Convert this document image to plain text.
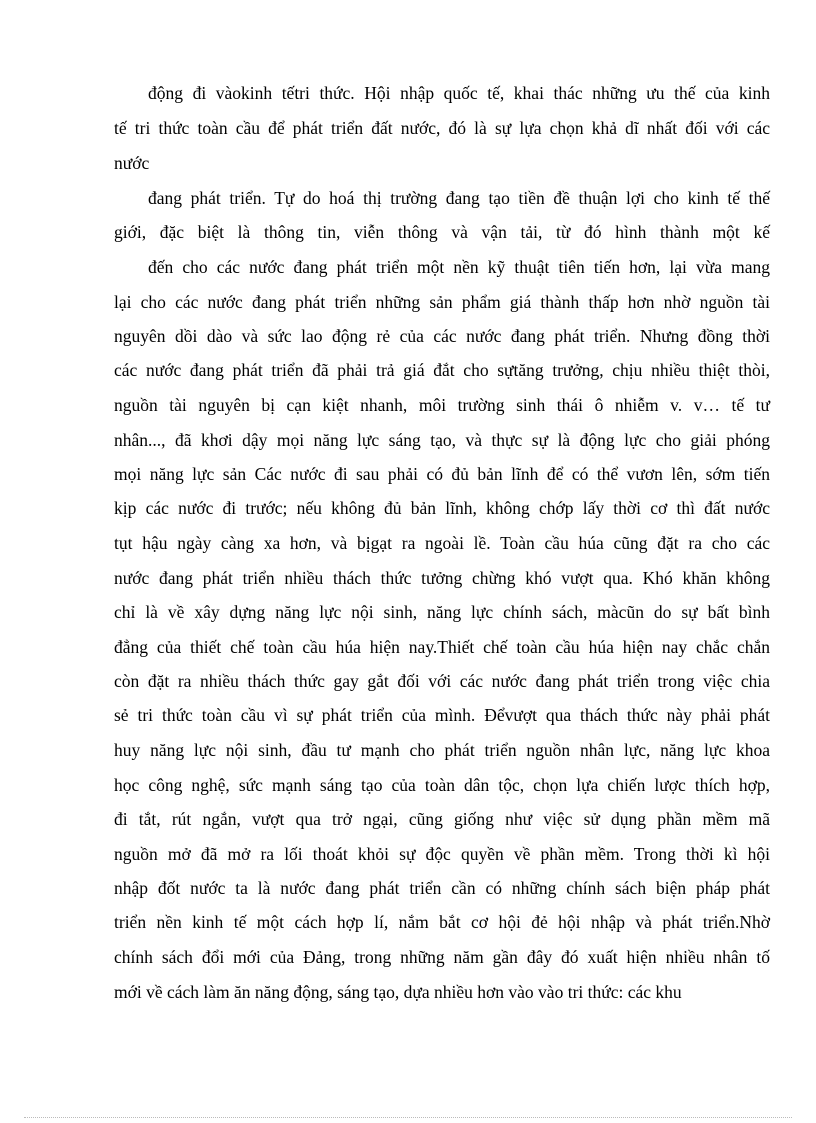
động đi vàokinh tếtri thức. Hội nhập quốc tế, khai thác những ưu thế của kinh
tế tri thức toàn cầu để phát triển đất nước, đó là sự lựa chọn khả dĩ nhất đối với các
nước
đang phát triển. Tự do hoá thị trường đang tạo tiền đề thuận lợi cho kinh tế thế
giới, đặc biệt là thông tin, viễn thông và vận tải, từ đó hình thành một kế
đến cho các nước đang phát triển một nền kỹ thuật tiên tiến hơn, lại vừa mang
lại cho các nước đang phát triển những sản phẩm giá thành thấp hơn nhờ nguồn tài
nguyên dồi dào và sức lao động rẻ của các nước đang phát triển. Nhưng đồng thời
các nước đang phát triển đã phải trả giá đắt cho sựtăng trưởng, chịu nhiều thiệt thòi,
nguồn tài nguyên bị cạn kiệt nhanh, môi trường sinh thái ô nhiễm v. v… tế tư
nhân..., đã khơi dậy mọi năng lực sáng tạo, và thực sự là động lực cho giải phóng
mọi năng lực sản Các nước đi sau phải có đủ bản lĩnh để có thể vươn lên, sớm tiến
kịp các nước đi trước; nếu không đủ bản lĩnh, không chớp lấy thời cơ thì đất nước
tụt hậu ngày càng xa hơn, và bịgạt ra ngoài lề. Toàn cầu húa cũng đặt ra cho các
nước đang phát triển nhiều thách thức tưởng chừng khó vượt qua. Khó khăn không
chỉ là về xây dựng năng lực nội sinh, năng lực chính sách, màcũn do sự bất bình
đẳng của thiết chế toàn cầu húa hiện nay.Thiết chế toàn cầu húa hiện nay chắc chắn
còn đặt ra nhiều thách thức gay gắt đối với các nước đang phát triển trong việc chia
sẻ tri thức toàn cầu vì sự phát triển của mình. Đểvượt qua thách thức này phải phát
huy năng lực nội sinh, đầu tư mạnh cho phát triển nguồn nhân lực, năng lực khoa
học công nghệ, sức mạnh sáng tạo của toàn dân tộc, chọn lựa chiến lược thích hợp,
đi tắt, rút ngắn, vượt qua trở ngại, cũng giống như việc sử dụng phần mềm mã
nguồn mở đã mở ra lối thoát khỏi sự độc quyền về phần mềm. Trong thời kì hội
nhập đốt nước ta là nước đang phát triển cần có những chính sách biện pháp phát
triển nền kinh tế một cách hợp lí, nắm bắt cơ hội đẻ hội nhập và phát triển.Nhờ
chính sách đổi mới của Đảng, trong những năm gần đây đó xuất hiện nhiều nhân tố
mới về cách làm ăn năng động, sáng tạo, dựa nhiều hơn vào vào tri thức: các khu
